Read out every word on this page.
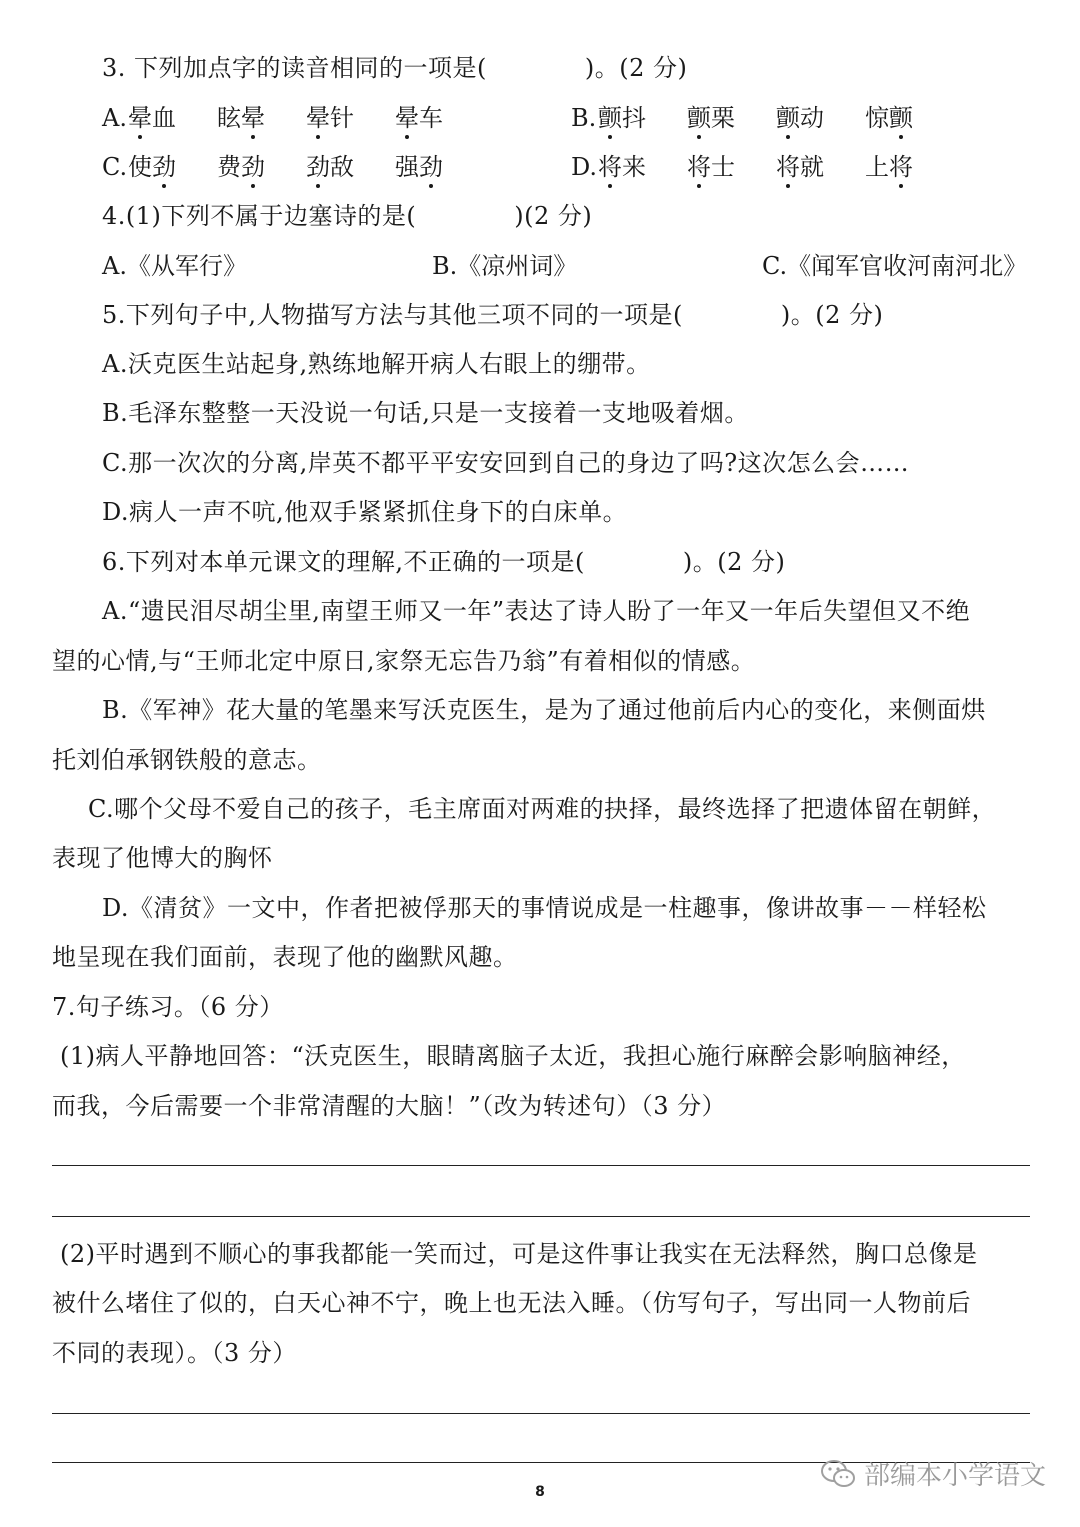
3. 下列加点字的读音相同的一项是(　　　　)。(2 分)
A. 晕血 眩晕 晕针 晕车	B. 颤抖 颤栗 颤动 惊颤
C. 使劲 费劲 劲敌 强劲	D. 将来 将士 将就 上将
4.(1)下列不属于边塞诗的是(　　　　)(2 分)
A.《从军行》	B.《凉州词》	C.《闻军官收河南河北》
5.下列句子中,人物描写方法与其他三项不同的一项是(　　　　)。(2 分)
A.沃克医生站起身,熟练地解开病人右眼上的绷带。
B.毛泽东整整一天没说一句话,只是一支接着一支地吸着烟。
C.那一次次的分离,岸英不都平平安安回到自己的身边了吗?这次怎么会……
D.病人一声不吭,他双手紧紧抓住身下的白床单。
6.下列对本单元课文的理解,不正确的一项是(　　　　)。(2 分)
A.“遗民泪尽胡尘里,南望王师又一年”表达了诗人盼了一年又一年后失望但又不绝
望的心情,与“王师北定中原日,家祭无忘告乃翁”有着相似的情感。
B.《军神》花大量的笔墨来写沃克医生，是为了通过他前后内心的变化，来侧面烘
托刘伯承钢铁般的意志。
C.哪个父母不爱自己的孩子，毛主席面对两难的抉择，最终选择了把遗体留在朝鲜，
表现了他博大的胸怀
D.《清贫》一文中，作者把被俘那天的事情说成是一柱趣事，像讲故事－－样轻松
地呈现在我们面前，表现了他的幽默风趣。
7.句子练习。（6 分）
(1)病人平静地回答：“沃克医生，眼睛离脑子太近，我担心施行麻醉会影响脑神经，
而我，今后需要一个非常清醒的大脑！”（改为转述句）（3 分）
(2)平时遇到不顺心的事我都能一笑而过，可是这件事让我实在无法释然，胸口总像是
被什么堵住了似的，白天心神不宁，晚上也无法入睡。（仿写句子，写出同一人物前后
不同的表现）。（3 分）
8
部编本小学语文
